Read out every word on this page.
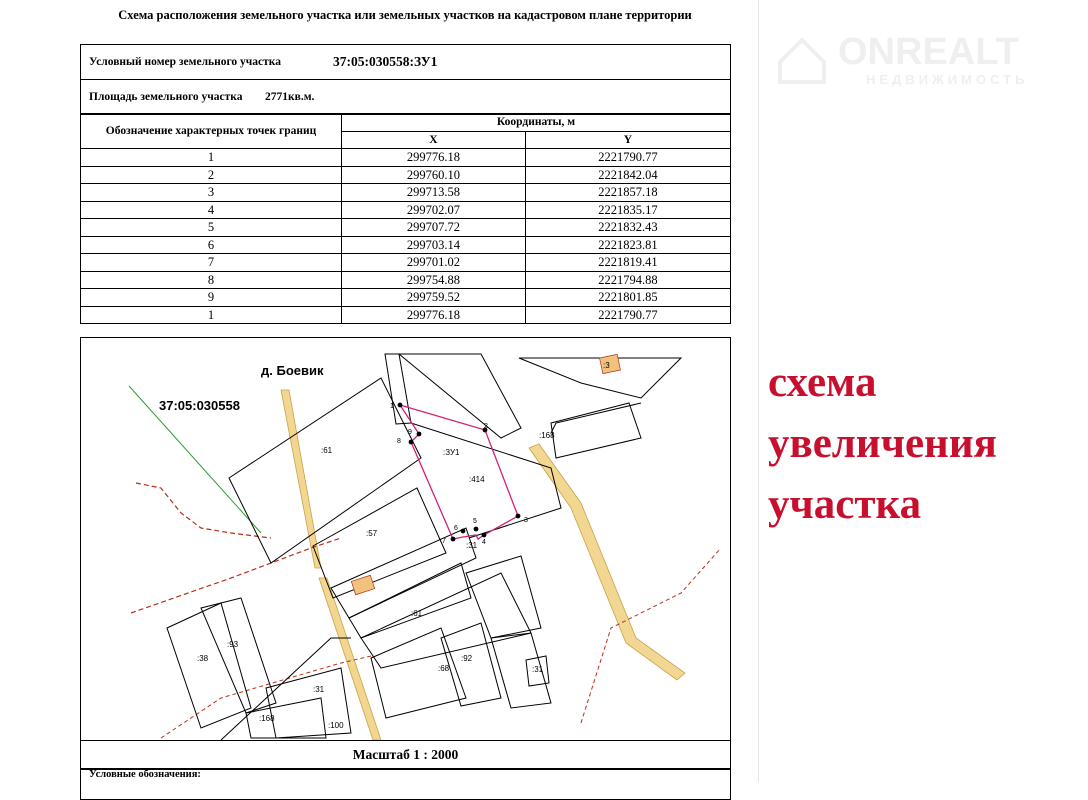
Схема расположения земельного участка или земельных участков на кадастровом плане территории
Условный номер земельного участка	37:05:030558:ЗУ1
Площадь земельного участка 2771кв.м.
Обозначение характерных точек границ	Координаты, м	
	X	Y
1	299776.18	2221790.77
2	299760.10	2221842.04
3	299713.58	2221857.18
4	299702.07	2221835.17
5	299707.72	2221832.43
6	299703.14	2221823.81
7	299701.02	2221819.41
8	299754.88	2221794.88
9	299759.52	2221801.85
1	299776.18	2221790.77
1
2
3
4
5
6
7
8
9
д. Боевик
37:05:030558
:ЗУ1
:61
:414
:57
:168
:3
:31
:61
:93
:38
:68
:92
:31
:31
:168
:100
Масштаб 1 : 2000
Условные обозначения:
ONREALT
НЕДВИЖИМОСТЬ
схема
увеличения
участка
